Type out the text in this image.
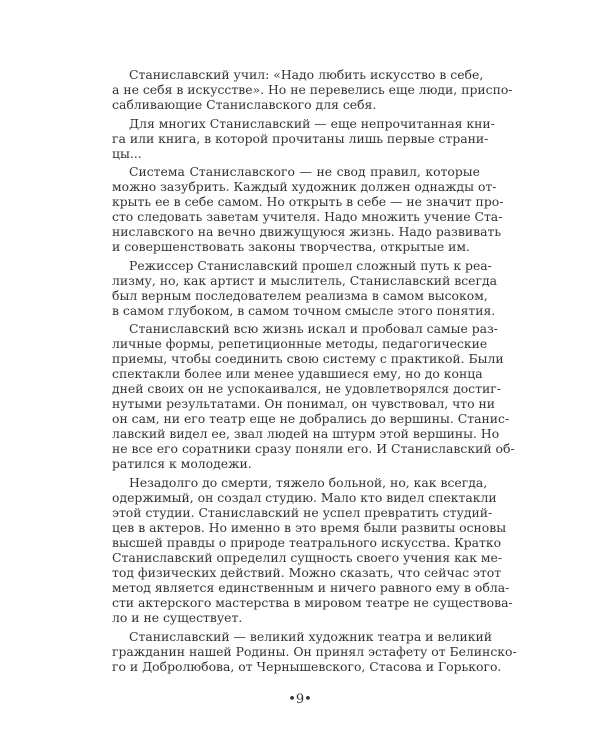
Станиславский учил: «Надо любить искусство в себе,
а не себя в искусстве». Но не перевелись еще люди, приспо-
сабливающие Станиславского для себя.
Для многих Станиславский — еще непрочитанная кни-
га или книга, в которой прочитаны лишь первые страни-
цы...
Система Станиславского — не свод правил, которые
можно зазубрить. Каждый художник должен однажды от-
крыть ее в себе самом. Но открыть в себе — не значит про-
сто следовать заветам учителя. Надо множить учение Ста-
ниславского на вечно движущуюся жизнь. Надо развивать
и совершенствовать законы творчества, открытые им.
Режиссер Станиславский прошел сложный путь к реа-
лизму, но, как артист и мыслитель, Станиславский всегда
был верным последователем реализма в самом высоком,
в самом глубоком, в самом точном смысле этого понятия.
Станиславский всю жизнь искал и пробовал самые раз-
личные формы, репетиционные методы, педагогические
приемы, чтобы соединить свою систему с практикой. Были
спектакли более или менее удавшиеся ему, но до конца
дней своих он не успокаивался, не удовлетворялся достиг-
нутыми результатами. Он понимал, он чувствовал, что ни
он сам, ни его театр еще не добрались до вершины. Станис-
лавский видел ее, звал людей на штурм этой вершины. Но
не все его соратники сразу поняли его. И Станиславский об-
ратился к молодежи.
Незадолго до смерти, тяжело больной, но, как всегда,
одержимый, он создал студию. Мало кто видел спектакли
этой студии. Станиславский не успел превратить студий-
цев в актеров. Но именно в это время были развиты основы
высшей правды о природе театрального искусства. Кратко
Станиславский определил сущность своего учения как ме-
тод физических действий. Можно сказать, что сейчас этот
метод является единственным и ничего равного ему в обла-
сти актерского мастерства в мировом театре не существова-
ло и не существует.
Станиславский — великий художник театра и великий
гражданин нашей Родины. Он принял эстафету от Белинско-
го и Добролюбова, от Чернышевского, Стасова и Горького.
•9•
